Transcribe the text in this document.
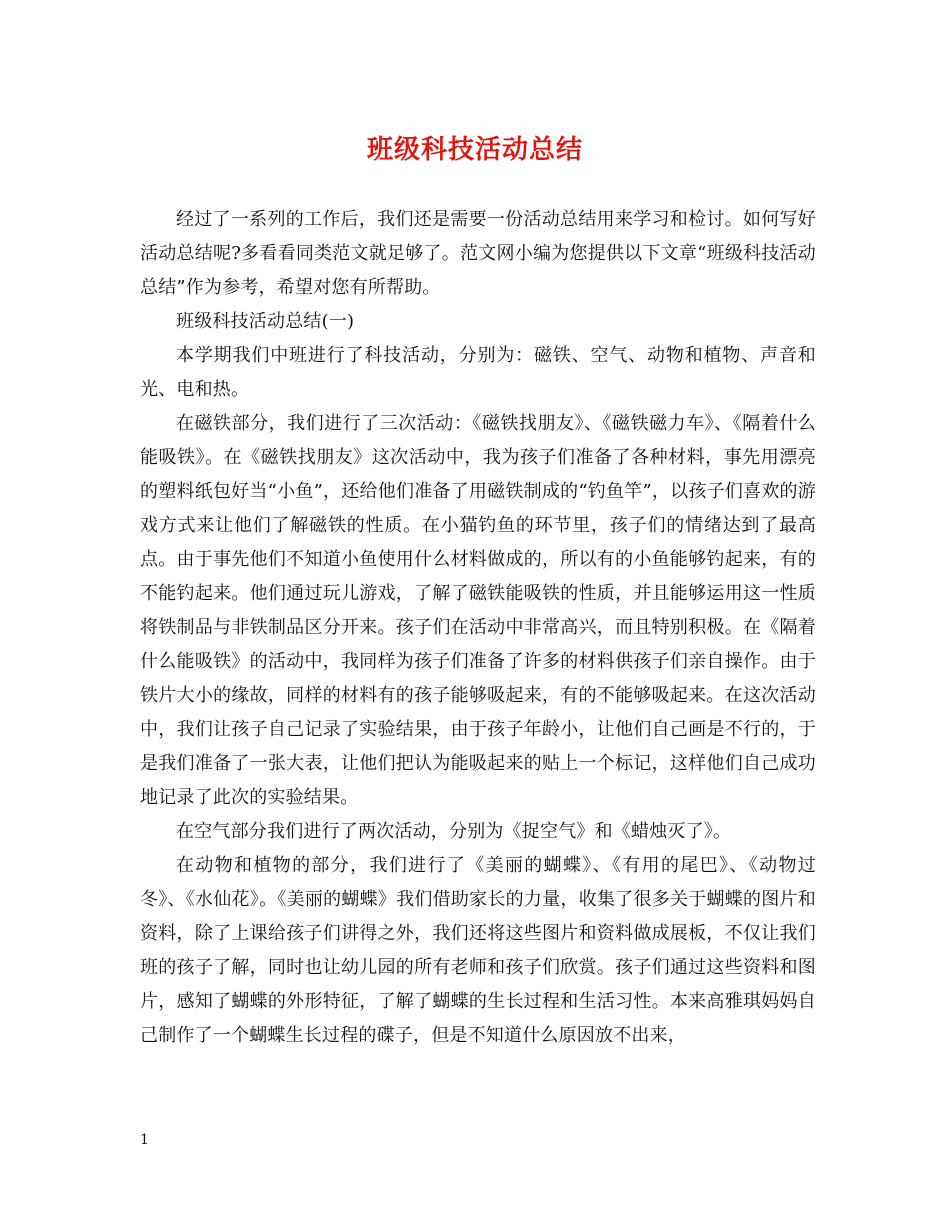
班级科技活动总结

经过了一系列的工作后，我们还是需要一份活动总结用来学习和检讨。如何写好活动总结呢?多看看同类范文就足够了。范文网小编为您提供以下文章“班级科技活动总结”作为参考，希望对您有所帮助。

班级科技活动总结(一)

本学期我们中班进行了科技活动，分别为：磁铁、空气、动物和植物、声音和光、电和热。

在磁铁部分，我们进行了三次活动：《磁铁找朋友》、《磁铁磁力车》、《隔着什么能吸铁》。在《磁铁找朋友》这次活动中，我为孩子们准备了各种材料，事先用漂亮的塑料纸包好当“小鱼”，还给他们准备了用磁铁制成的“钓鱼竿”，以孩子们喜欢的游戏方式来让他们了解磁铁的性质。在小猫钓鱼的环节里，孩子们的情绪达到了最高点。由于事先他们不知道小鱼使用什么材料做成的，所以有的小鱼能够钓起来，有的不能钓起来。他们通过玩儿游戏，了解了磁铁能吸铁的性质，并且能够运用这一性质将铁制品与非铁制品区分开来。孩子们在活动中非常高兴，而且特别积极。在《隔着什么能吸铁》的活动中，我同样为孩子们准备了许多的材料供孩子们亲自操作。由于铁片大小的缘故，同样的材料有的孩子能够吸起来，有的不能够吸起来。在这次活动中，我们让孩子自己记录了实验结果，由于孩子年龄小，让他们自己画是不行的，于是我们准备了一张大表，让他们把认为能吸起来的贴上一个标记，这样他们自己成功地记录了此次的实验结果。

在空气部分我们进行了两次活动，分别为《捉空气》和《蜡烛灭了》。

在动物和植物的部分，我们进行了《美丽的蝴蝶》、《有用的尾巴》、《动物过冬》、《水仙花》。《美丽的蝴蝶》我们借助家长的力量，收集了很多关于蝴蝶的图片和资料，除了上课给孩子们讲得之外，我们还将这些图片和资料做成展板，不仅让我们班的孩子了解，同时也让幼儿园的所有老师和孩子们欣赏。孩子们通过这些资料和图片，感知了蝴蝶的外形特征，了解了蝴蝶的生长过程和生活习性。本来高雅琪妈妈自己制作了一个蝴蝶生长过程的碟子，但是不知道什么原因放不出来，

1
